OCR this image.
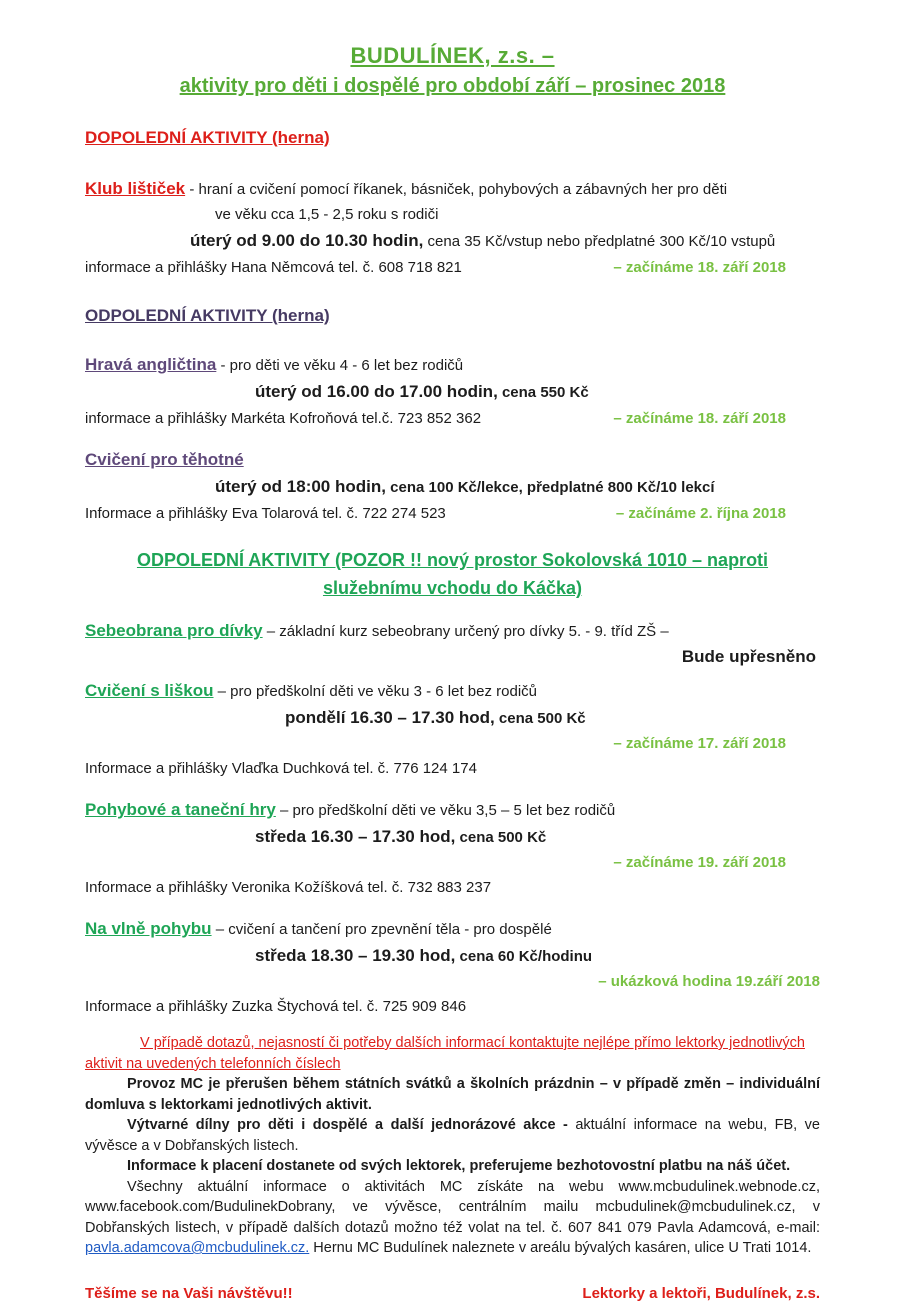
BUDULÍNEK, z.s. –
aktivity pro děti i dospělé pro období září – prosinec 2018
DOPOLEDNÍ AKTIVITY (herna)
Klub lištiček - hraní a cvičení pomocí říkanek, básniček, pohybových a zábavných her pro děti
ve věku cca 1,5 - 2,5 roku s rodiči
úterý od 9.00 do 10.30 hodin, cena 35 Kč/vstup nebo předplatné 300 Kč/10 vstupů
informace a přihlášky Hana Němcová tel. č. 608 718 821	– začínáme 18. září 2018
ODPOLEDNÍ AKTIVITY (herna)
Hravá angličtina - pro děti ve věku 4 - 6 let bez rodičů
úterý od 16.00 do 17.00 hodin, cena 550 Kč
informace a přihlášky Markéta Kofroňová tel.č. 723 852 362	– začínáme 18. září 2018
Cvičení pro těhotné
úterý od 18:00 hodin, cena 100 Kč/lekce, předplatné 800 Kč/10 lekcí
Informace a přihlášky Eva Tolarová tel. č. 722 274 523	– začínáme 2. října 2018
ODPOLEDNÍ AKTIVITY (POZOR !! nový prostor Sokolovská 1010 – naproti služebnímu vchodu do Káčka)
Sebeobrana pro dívky – základní kurz sebeobrany určený pro dívky 5. - 9. tříd ZŠ –
Bude upřesněno
Cvičení s liškou – pro předškolní děti ve věku 3 - 6 let bez rodičů
pondělí 16.30 – 17.30 hod, cena 500 Kč
– začínáme 17. září 2018
Informace a přihlášky Vlaďka Duchková tel. č. 776 124 174
Pohybové a taneční hry – pro předškolní děti ve věku 3,5 – 5 let bez rodičů
středa 16.30 – 17.30 hod, cena 500 Kč
– začínáme 19. září 2018
Informace a přihlášky Veronika Kožíšková tel. č. 732 883 237
Na vlně pohybu – cvičení a tančení pro zpevnění těla - pro dospělé
středa 18.30 – 19.30 hod, cena 60 Kč/hodinu
– ukázková hodina 19.září 2018
Informace a přihlášky Zuzka Štychová tel. č. 725 909 846

V případě dotazů, nejasností či potřeby dalších informací kontaktujte nejlépe přímo lektorky jednotlivých aktivit na uvedených telefonních číslech

Provoz MC je přerušen během státních svátků a školních prázdnin – v případě změn – individuální domluva s lektorkami jednotlivých aktivit.

Výtvarné dílny pro děti i dospělé a další jednorázové akce - aktuální informace na webu, FB, ve vývěsce a v Dobřanských listech.

Informace k placení dostanete od svých lektorek, preferujeme bezhotovostní platbu na náš účet.

Všechny aktuální informace o aktivitách MC získáte na webu www.mcbudulinek.webnode.cz, www.facebook.com/BudulinekDobrany, ve vývěsce, centrálním mailu mcbudulinek@mcbudulinek.cz, v Dobřanských listech, v případě dalších dotazů možno též volat na tel. č. 607 841 079 Pavla Adamcová, e-mail: pavla.adamcova@mcbudulinek.cz. Hernu MC Budulínek naleznete v areálu bývalých kasáren, ulice U Trati 1014.

Těšíme se na Vaši návštěvu!!	Lektorky a lektoři, Budulínek, z.s.
